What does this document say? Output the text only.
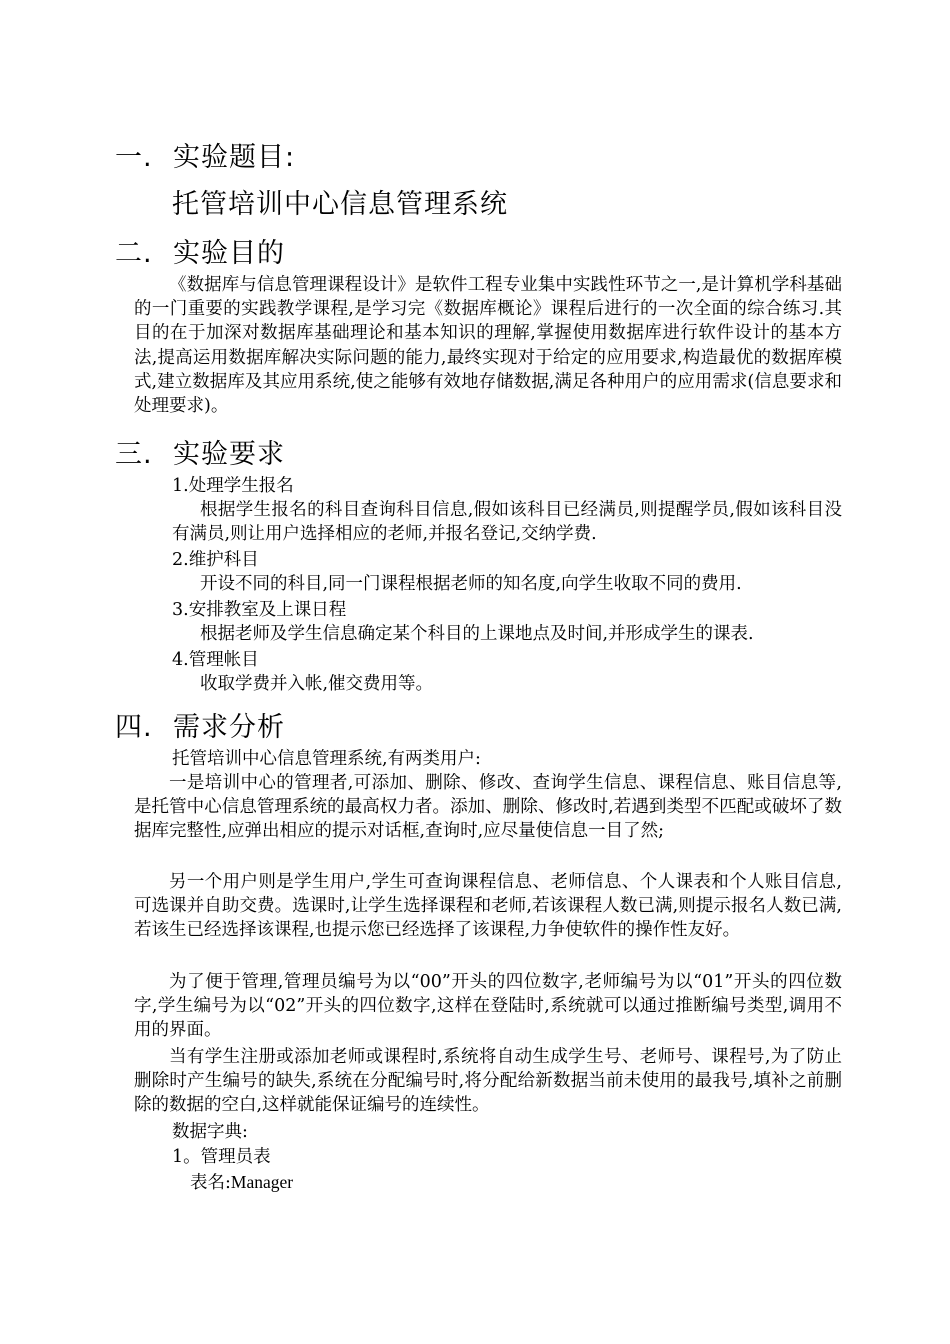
一. 实验题目:
托管培训中心信息管理系统
二. 实验目的

《数据库与信息管理课程设计》是软件工程专业集中实践性环节之一,是计算机学科基础的一门重要的实践教学课程,是学习完《数据库概论》课程后进行的一次全面的综合练习.其目的在于加深对数据库基础理论和基本知识的理解,掌握使用数据库进行软件设计的基本方法,提高运用数据库解决实际问题的能力,最终实现对于给定的应用要求,构造最优的数据库模式,建立数据库及其应用系统,使之能够有效地存储数据,满足各种用户的应用需求(信息要求和处理要求)。

三. 实验要求
1.处理学生报名

根据学生报名的科目查询科目信息,假如该科目已经满员,则提醒学员,假如该科目没有满员,则让用户选择相应的老师,并报名登记,交纳学费.

2.维护科目

开设不同的科目,同一门课程根据老师的知名度,向学生收取不同的费用.

3.安排教室及上课日程

根据老师及学生信息确定某个科目的上课地点及时间,并形成学生的课表.

4.管理帐目

收取学费并入帐,催交费用等。

四. 需求分析
托管培训中心信息管理系统,有两类用户:

一是培训中心的管理者,可添加、删除、修改、查询学生信息、课程信息、账目信息等,是托管中心信息管理系统的最高权力者。添加、删除、修改时,若遇到类型不匹配或破坏了数据库完整性,应弹出相应的提示对话框,查询时,应尽量使信息一目了然;

另一个用户则是学生用户,学生可查询课程信息、老师信息、个人课表和个人账目信息,可选课并自助交费。选课时,让学生选择课程和老师,若该课程人数已满,则提示报名人数已满,若该生已经选择该课程,也提示您已经选择了该课程,力争使软件的操作性友好。

为了便于管理,管理员编号为以“00”开头的四位数字,老师编号为以“01”开头的四位数字,学生编号为以“02”开头的四位数字,这样在登陆时,系统就可以通过推断编号类型,调用不用的界面。

当有学生注册或添加老师或课程时,系统将自动生成学生号、老师号、课程号,为了防止删除时产生编号的缺失,系统在分配编号时,将分配给新数据当前未使用的最我号,填补之前删除的数据的空白,这样就能保证编号的连续性。

数据字典:
1。管理员表
表名:Manager
